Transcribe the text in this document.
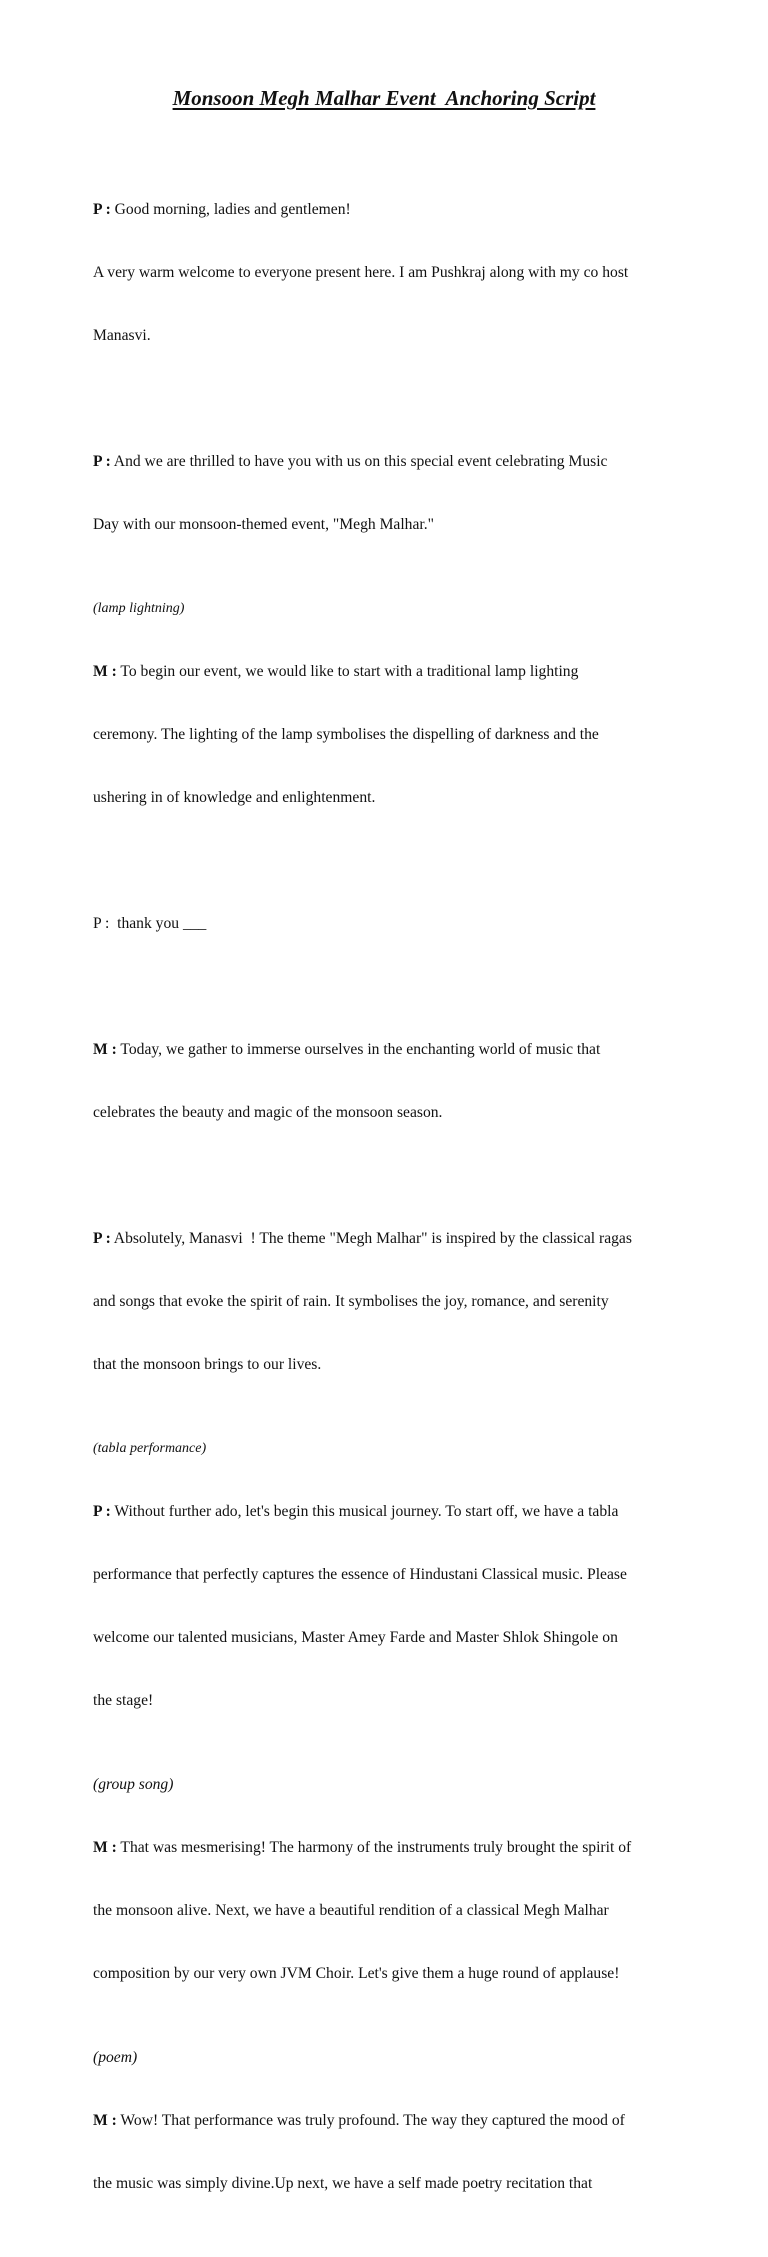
Monsoon Megh Malhar Event  Anchoring Script

P : Good morning, ladies and gentlemen!

A very warm welcome to everyone present here. I am Pushkraj along with my co host

Manasvi.

P : And we are thrilled to have you with us on this special event celebrating Music

Day with our monsoon-themed event, "Megh Malhar."

(lamp lightning)

M : To begin our event, we would like to start with a traditional lamp lighting

ceremony. The lighting of the lamp symbolises the dispelling of darkness and the

ushering in of knowledge and enlightenment.

P :  thank you ___

M : Today, we gather to immerse ourselves in the enchanting world of music that

celebrates the beauty and magic of the monsoon season.

P : Absolutely, Manasvi  ! The theme "Megh Malhar" is inspired by the classical ragas

and songs that evoke the spirit of rain. It symbolises the joy, romance, and serenity

that the monsoon brings to our lives.

(tabla performance)

P : Without further ado, let's begin this musical journey. To start off, we have a tabla

performance that perfectly captures the essence of Hindustani Classical music. Please

welcome our talented musicians, Master Amey Farde and Master Shlok Shingole on

the stage!

(group song)

M : That was mesmerising! The harmony of the instruments truly brought the spirit of

the monsoon alive. Next, we have a beautiful rendition of a classical Megh Malhar

composition by our very own JVM Choir. Let's give them a huge round of applause!

(poem)

M : Wow! That performance was truly profound. The way they captured the mood of

the music was simply divine.Up next, we have a self made poetry recitation that
